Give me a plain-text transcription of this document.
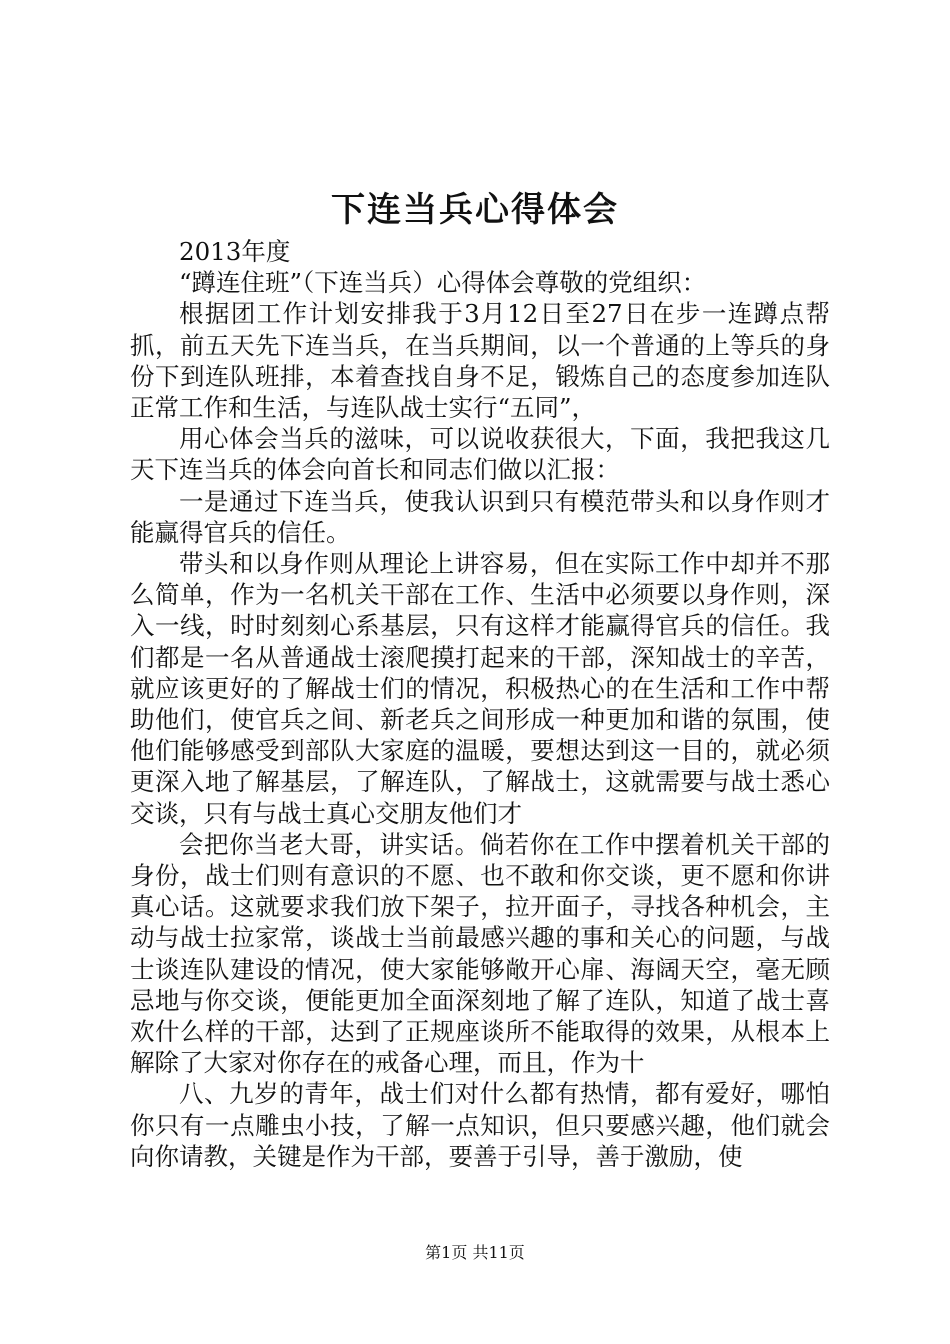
下连当兵心得体会

2013年度

“蹲连住班”（下连当兵）心得体会尊敬的党组织：

根据团工作计划安排我于3月12日至27日在步一连蹲点帮抓，前五天先下连当兵，在当兵期间，以一个普通的上等兵的身份下到连队班排，本着查找自身不足，锻炼自己的态度参加连队正常工作和生活，与连队战士实行“五同”，

用心体会当兵的滋味，可以说收获很大，下面，我把我这几天下连当兵的体会向首长和同志们做以汇报：

一是通过下连当兵，使我认识到只有模范带头和以身作则才能赢得官兵的信任。

带头和以身作则从理论上讲容易，但在实际工作中却并不那么简单，作为一名机关干部在工作、生活中必须要以身作则，深入一线，时时刻刻心系基层，只有这样才能赢得官兵的信任。我们都是一名从普通战士滚爬摸打起来的干部，深知战士的辛苦，就应该更好的了解战士们的情况，积极热心的在生活和工作中帮助他们，使官兵之间、新老兵之间形成一种更加和谐的氛围，使他们能够感受到部队大家庭的温暖，要想达到这一目的，就必须更深入地了解基层，了解连队，了解战士，这就需要与战士悉心交谈，只有与战士真心交朋友他们才

会把你当老大哥，讲实话。倘若你在工作中摆着机关干部的身份，战士们则有意识的不愿、也不敢和你交谈，更不愿和你讲真心话。这就要求我们放下架子，拉开面子，寻找各种机会，主动与战士拉家常，谈战士当前最感兴趣的事和关心的问题，与战士谈连队建设的情况，使大家能够敞开心扉、海阔天空，毫无顾忌地与你交谈，便能更加全面深刻地了解了连队，知道了战士喜欢什么样的干部，达到了正规座谈所不能取得的效果，从根本上解除了大家对你存在的戒备心理，而且，作为十

八、九岁的青年，战士们对什么都有热情，都有爱好，哪怕你只有一点雕虫小技，了解一点知识，但只要感兴趣，他们就会向你请教，关键是作为干部，要善于引导，善于激励，使

第1页 共11页
